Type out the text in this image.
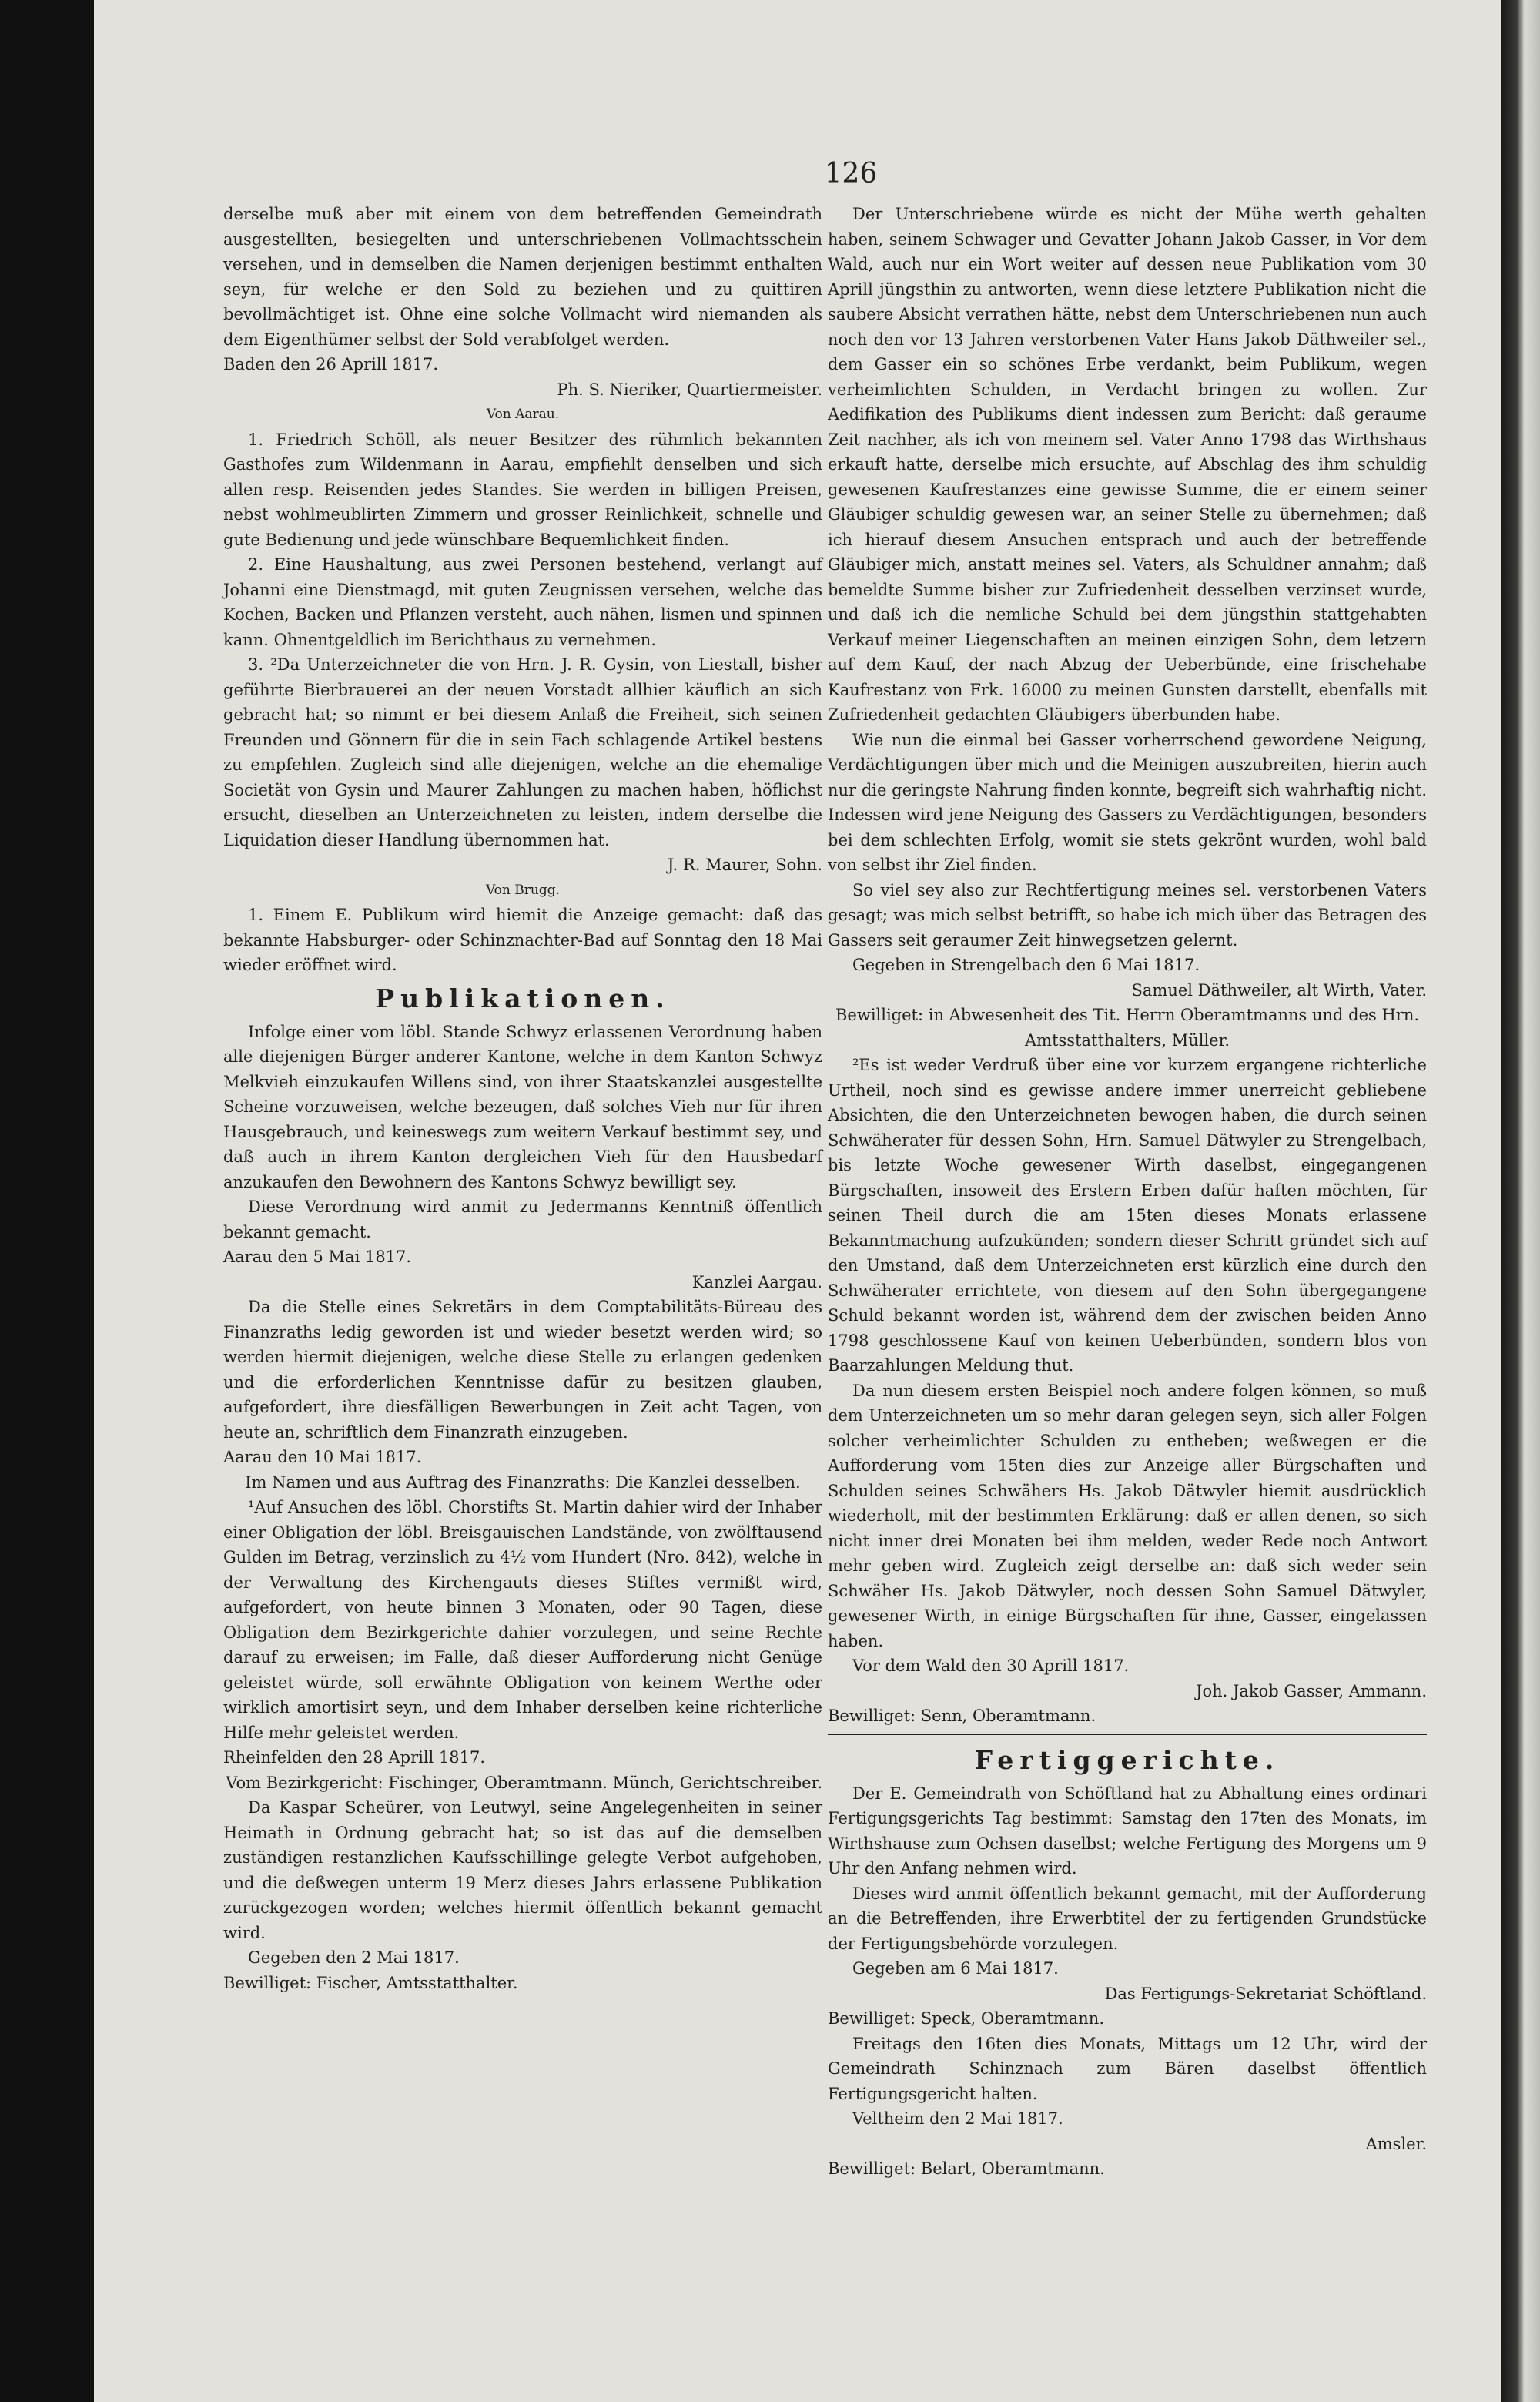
126

derselbe muß aber mit einem von dem betreffenden Gemeindrath ausgestellten, besiegelten und unterschriebenen Vollmachtsschein versehen, und in demselben die Namen derjenigen bestimmt enthalten seyn, für welche er den Sold zu beziehen und zu quittiren bevollmächtiget ist. Ohne eine solche Vollmacht wird niemanden als dem Eigenthümer selbst der Sold verabfolget werden.

Baden den 26 Aprill 1817.

Ph. S. Nieriker, Quartiermeister.

Von Aarau.

1. Friedrich Schöll, als neuer Besitzer des rühmlich bekannten Gasthofes zum Wildenmann in Aarau, empfiehlt denselben und sich allen resp. Reisenden jedes Standes. Sie werden in billigen Preisen, nebst wohlmeublirten Zimmern und grosser Reinlichkeit, schnelle und gute Bedienung und jede wünschbare Bequemlichkeit finden.

2. Eine Haushaltung, aus zwei Personen bestehend, verlangt auf Johanni eine Dienstmagd, mit guten Zeugnissen versehen, welche das Kochen, Backen und Pflanzen versteht, auch nähen, lismen und spinnen kann. Ohnentgeldlich im Berichthaus zu vernehmen.

3. ²Da Unterzeichneter die von Hrn. J. R. Gysin, von Liestall, bisher geführte Bierbrauerei an der neuen Vorstadt allhier käuflich an sich gebracht hat; so nimmt er bei diesem Anlaß die Freiheit, sich seinen Freunden und Gönnern für die in sein Fach schlagende Artikel bestens zu empfehlen. Zugleich sind alle diejenigen, welche an die ehemalige Societät von Gysin und Maurer Zahlungen zu machen haben, höflichst ersucht, dieselben an Unterzeichneten zu leisten, indem derselbe die Liquidation dieser Handlung übernommen hat.

J. R. Maurer, Sohn.

Von Brugg.

1. Einem E. Publikum wird hiemit die Anzeige gemacht: daß das bekannte Habsburger- oder Schinznachter-Bad auf Sonntag den 18 Mai wieder eröffnet wird.

Publikationen.

Infolge einer vom löbl. Stande Schwyz erlassenen Verordnung haben alle diejenigen Bürger anderer Kantone, welche in dem Kanton Schwyz Melkvieh einzukaufen Willens sind, von ihrer Staatskanzlei ausgestellte Scheine vorzuweisen, welche bezeugen, daß solches Vieh nur für ihren Hausgebrauch, und keineswegs zum weitern Verkauf bestimmt sey, und daß auch in ihrem Kanton dergleichen Vieh für den Hausbedarf anzukaufen den Bewohnern des Kantons Schwyz bewilligt sey.

Diese Verordnung wird anmit zu Jedermanns Kenntniß öffentlich bekannt gemacht.

Aarau den 5 Mai 1817.

Kanzlei Aargau.

Da die Stelle eines Sekretärs in dem Comptabilitäts-Büreau des Finanzraths ledig geworden ist und wieder besetzt werden wird; so werden hiermit diejenigen, welche diese Stelle zu erlangen gedenken und die erforderlichen Kenntnisse dafür zu besitzen glauben, aufgefordert, ihre diesfälligen Bewerbungen in Zeit acht Tagen, von heute an, schriftlich dem Finanzrath einzugeben.

Aarau den 10 Mai 1817.

Im Namen und aus Auftrag des Finanzraths: Die Kanzlei desselben.

¹Auf Ansuchen des löbl. Chorstifts St. Martin dahier wird der Inhaber einer Obligation der löbl. Breisgauischen Landstände, von zwölftausend Gulden im Betrag, verzinslich zu 4½ vom Hundert (Nro. 842), welche in der Verwaltung des Kirchengauts dieses Stiftes vermißt wird, aufgefordert, von heute binnen 3 Monaten, oder 90 Tagen, diese Obligation dem Bezirkgerichte dahier vorzulegen, und seine Rechte darauf zu erweisen; im Falle, daß dieser Aufforderung nicht Genüge geleistet würde, soll erwähnte Obligation von keinem Werthe oder wirklich amortisirt seyn, und dem Inhaber derselben keine richterliche Hilfe mehr geleistet werden.

Rheinfelden den 28 Aprill 1817.

Vom Bezirkgericht: Fischinger, Oberamtmann. Münch, Gerichtschreiber.

Da Kaspar Scheürer, von Leutwyl, seine Angelegenheiten in seiner Heimath in Ordnung gebracht hat; so ist das auf die demselben zuständigen restanzlichen Kaufsschillinge gelegte Verbot aufgehoben, und die deßwegen unterm 19 Merz dieses Jahrs erlassene Publikation zurückgezogen worden; welches hiermit öffentlich bekannt gemacht wird.

Gegeben den 2 Mai 1817.

Bewilliget: Fischer, Amtsstatthalter.

Der Unterschriebene würde es nicht der Mühe werth gehalten haben, seinem Schwager und Gevatter Johann Jakob Gasser, in Vor dem Wald, auch nur ein Wort weiter auf dessen neue Publikation vom 30 Aprill jüngsthin zu antworten, wenn diese letztere Publikation nicht die saubere Absicht verrathen hätte, nebst dem Unterschriebenen nun auch noch den vor 13 Jahren verstorbenen Vater Hans Jakob Däthweiler sel., dem Gasser ein so schönes Erbe verdankt, beim Publikum, wegen verheimlichten Schulden, in Verdacht bringen zu wollen. Zur Aedifikation des Publikums dient indessen zum Bericht: daß geraume Zeit nachher, als ich von meinem sel. Vater Anno 1798 das Wirthshaus erkauft hatte, derselbe mich ersuchte, auf Abschlag des ihm schuldig gewesenen Kaufrestanzes eine gewisse Summe, die er einem seiner Gläubiger schuldig gewesen war, an seiner Stelle zu übernehmen; daß ich hierauf diesem Ansuchen entsprach und auch der betreffende Gläubiger mich, anstatt meines sel. Vaters, als Schuldner annahm; daß bemeldte Summe bisher zur Zufriedenheit desselben verzinset wurde, und daß ich die nemliche Schuld bei dem jüngsthin stattgehabten Verkauf meiner Liegenschaften an meinen einzigen Sohn, dem letzern auf dem Kauf, der nach Abzug der Ueberbünde, eine frischehabe Kaufrestanz von Frk. 16000 zu meinen Gunsten darstellt, ebenfalls mit Zufriedenheit gedachten Gläubigers überbunden habe.

Wie nun die einmal bei Gasser vorherrschend gewordene Neigung, Verdächtigungen über mich und die Meinigen auszubreiten, hierin auch nur die geringste Nahrung finden konnte, begreift sich wahrhaftig nicht. Indessen wird jene Neigung des Gassers zu Verdächtigungen, besonders bei dem schlechten Erfolg, womit sie stets gekrönt wurden, wohl bald von selbst ihr Ziel finden.

So viel sey also zur Rechtfertigung meines sel. verstorbenen Vaters gesagt; was mich selbst betrifft, so habe ich mich über das Betragen des Gassers seit geraumer Zeit hinwegsetzen gelernt.

Gegeben in Strengelbach den 6 Mai 1817.

Samuel Däthweiler, alt Wirth, Vater.

Bewilliget: in Abwesenheit des Tit. Herrn Oberamtmanns und des Hrn. Amtsstatthalters, Müller.

²Es ist weder Verdruß über eine vor kurzem ergangene richterliche Urtheil, noch sind es gewisse andere immer unerreicht gebliebene Absichten, die den Unterzeichneten bewogen haben, die durch seinen Schwäherater für dessen Sohn, Hrn. Samuel Dätwyler zu Strengelbach, bis letzte Woche gewesener Wirth daselbst, eingegangenen Bürgschaften, insoweit des Erstern Erben dafür haften möchten, für seinen Theil durch die am 15ten dieses Monats erlassene Bekanntmachung aufzukünden; sondern dieser Schritt gründet sich auf den Umstand, daß dem Unterzeichneten erst kürzlich eine durch den Schwäherater errichtete, von diesem auf den Sohn übergegangene Schuld bekannt worden ist, während dem der zwischen beiden Anno 1798 geschlossene Kauf von keinen Ueberbünden, sondern blos von Baarzahlungen Meldung thut.

Da nun diesem ersten Beispiel noch andere folgen können, so muß dem Unterzeichneten um so mehr daran gelegen seyn, sich aller Folgen solcher verheimlichter Schulden zu entheben; weßwegen er die Aufforderung vom 15ten dies zur Anzeige aller Bürgschaften und Schulden seines Schwähers Hs. Jakob Dätwyler hiemit ausdrücklich wiederholt, mit der bestimmten Erklärung: daß er allen denen, so sich nicht inner drei Monaten bei ihm melden, weder Rede noch Antwort mehr geben wird. Zugleich zeigt derselbe an: daß sich weder sein Schwäher Hs. Jakob Dätwyler, noch dessen Sohn Samuel Dätwyler, gewesener Wirth, in einige Bürgschaften für ihne, Gasser, eingelassen haben.

Vor dem Wald den 30 Aprill 1817.

Joh. Jakob Gasser, Ammann.

Bewilliget: Senn, Oberamtmann.

Fertiggerichte.

Der E. Gemeindrath von Schöftland hat zu Abhaltung eines ordinari Fertigungsgerichts Tag bestimmt: Samstag den 17ten des Monats, im Wirthshause zum Ochsen daselbst; welche Fertigung des Morgens um 9 Uhr den Anfang nehmen wird.

Dieses wird anmit öffentlich bekannt gemacht, mit der Aufforderung an die Betreffenden, ihre Erwerbtitel der zu fertigenden Grundstücke der Fertigungsbehörde vorzulegen.

Gegeben am 6 Mai 1817.

Das Fertigungs-Sekretariat Schöftland.

Bewilliget: Speck, Oberamtmann.

Freitags den 16ten dies Monats, Mittags um 12 Uhr, wird der Gemeindrath Schinznach zum Bären daselbst öffentlich Fertigungsgericht halten.

Veltheim den 2 Mai 1817.

Amsler.

Bewilliget: Belart, Oberamtmann.
